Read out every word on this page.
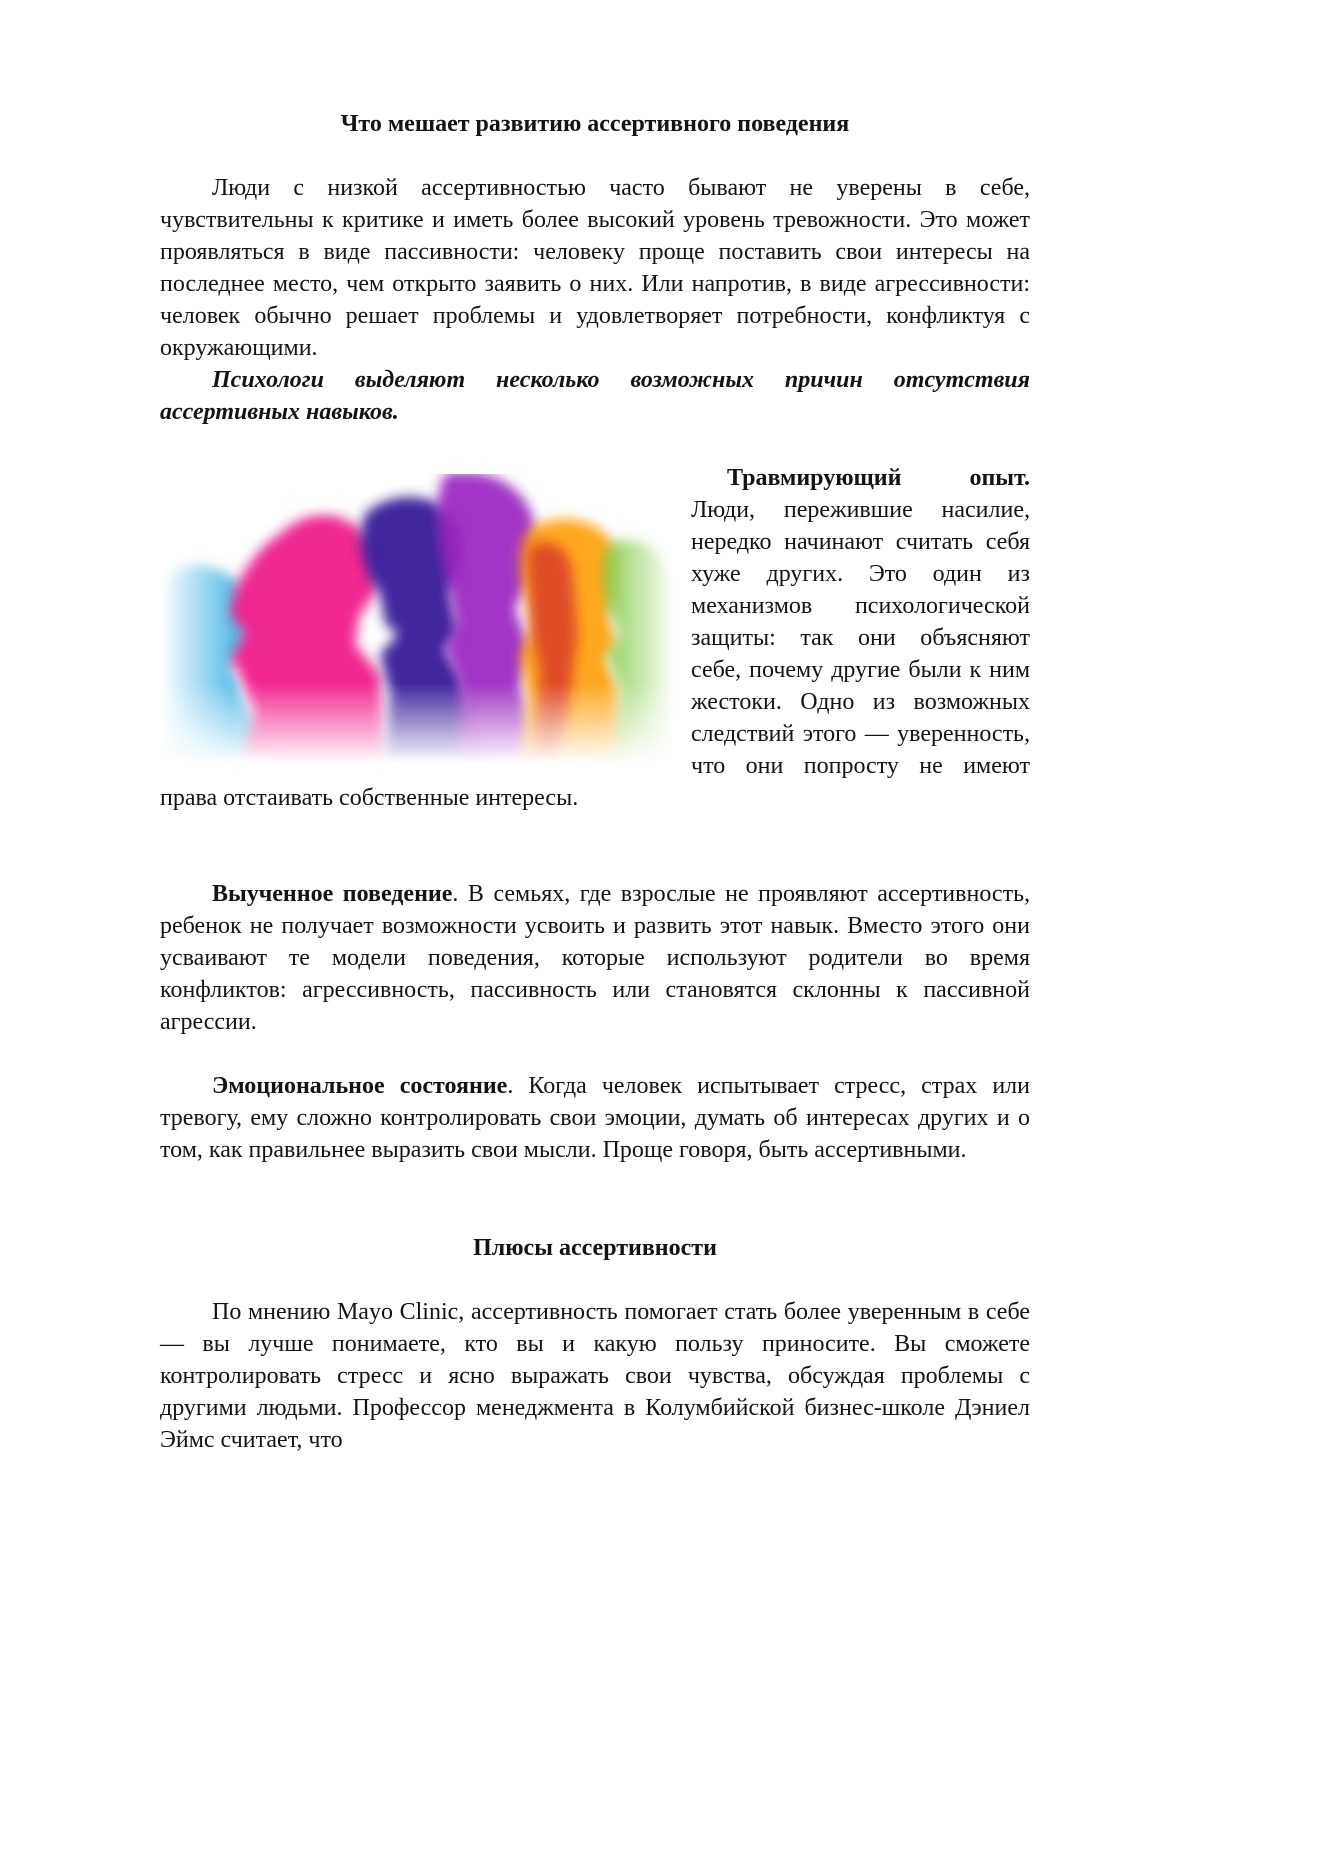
Что мешает развитию ассертивного поведения

Люди с низкой ассертивностью часто бывают не уверены в себе, чувствительны к критике и иметь более высокий уровень тревожности. Это может проявляться в виде пассивности: человеку проще поставить свои интересы на последнее место, чем открыто заявить о них. Или напротив, в виде агрессивности: человек обычно решает проблемы и удовлетворяет потребности, конфликтуя с окружающими.

Психологи выделяют несколько возможных причин отсутствия ассертивных навыков.

Травмирующий опыт. Люди, пережившие насилие, нередко начинают считать себя хуже других. Это один из механизмов психологической защиты: так они объясняют себе, почему другие были к ним жестоки. Одно из возможных следствий этого — уверенность, что они попросту не имеют права отстаивать собственные интересы.

Выученное поведение. В семьях, где взрослые не проявляют ассертивность, ребенок не получает возможности усвоить и развить этот навык. Вместо этого они усваивают те модели поведения, которые используют родители во время конфликтов: агрессивность, пассивность или становятся склонны к пассивной агрессии.

Эмоциональное состояние. Когда человек испытывает стресс, страх или тревогу, ему сложно контролировать свои эмоции, думать об интересах других и о том, как правильнее выразить свои мысли. Проще говоря, быть ассертивными.

Плюсы ассертивности

По мнению Mayo Clinic, ассертивность помогает стать более уверенным в себе — вы лучше понимаете, кто вы и какую пользу приносите. Вы сможете контролировать стресс и ясно выражать свои чувства, обсуждая проблемы с другими людьми. Профессор менеджмента в Колумбийской бизнес-школе Дэниел Эймс считает, что
